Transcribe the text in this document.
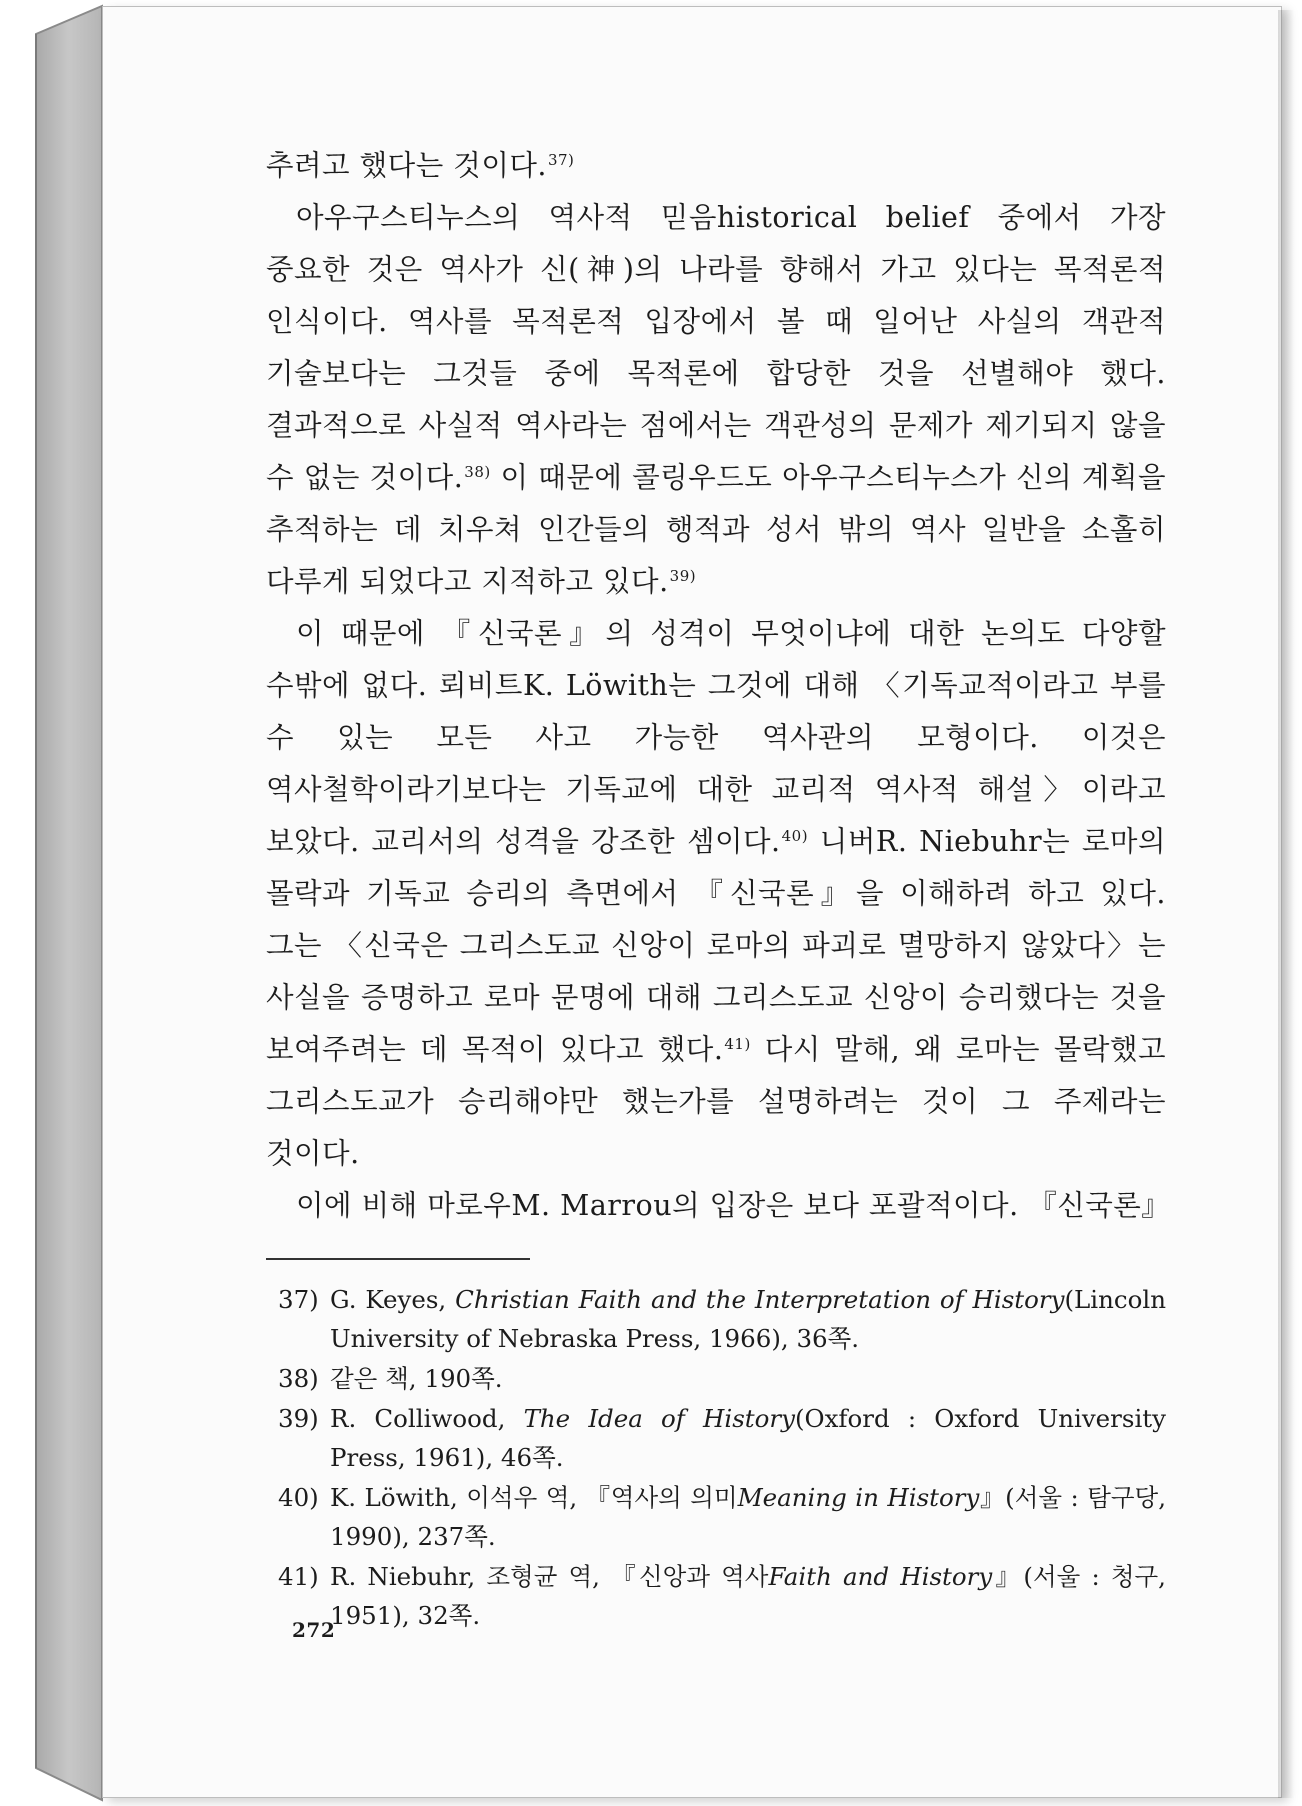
추려고 했다는 것이다.$^{37)}$

아우구스티누스의 역사적 믿음historical belief 중에서 가장 중요한 것은 역사가 신(神)의 나라를 향해서 가고 있다는 목적론적 인식이다. 역사를 목적론적 입장에서 볼 때 일어난 사실의 객관적 기술보다는 그것들 중에 목적론에 합당한 것을 선별해야 했다. 결과적으로 사실적 역사라는 점에서는 객관성의 문제가 제기되지 않을 수 없는 것이다.$^{38)}$ 이 때문에 콜링우드도 아우구스티누스가 신의 계획을 추적하는 데 치우쳐 인간들의 행적과 성서 밖의 역사 일반을 소홀히 다루게 되었다고 지적하고 있다.$^{39)}$

이 때문에 『신국론』의 성격이 무엇이냐에 대한 논의도 다양할 수밖에 없다. 뢰비트K. Löwith는 그것에 대해 〈기독교적이라고 부를 수 있는 모든 사고 가능한 역사관의 모형이다. 이것은 역사철학이라기보다는 기독교에 대한 교리적 역사적 해설〉이라고 보았다. 교리서의 성격을 강조한 셈이다.$^{40)}$ 니버R. Niebuhr는 로마의 몰락과 기독교 승리의 측면에서 『신국론』을 이해하려 하고 있다. 그는 〈신국은 그리스도교 신앙이 로마의 파괴로 멸망하지 않았다〉는 사실을 증명하고 로마 문명에 대해 그리스도교 신앙이 승리했다는 것을 보여주려는 데 목적이 있다고 했다.$^{41)}$ 다시 말해, 왜 로마는 몰락했고 그리스도교가 승리해야만 했는가를 설명하려는 것이 그 주제라는 것이다.

이에 비해 마로우M. Marrou의 입장은 보다 포괄적이다. 『신국론』

37) G. Keyes, Christian Faith and the Interpretation of History(Lincoln University of Nebraska Press, 1966), 36쪽.
38) 같은 책, 190쪽.
39) R. Colliwood, The Idea of History(Oxford : Oxford University Press, 1961), 46쪽.
40) K. Löwith, 이석우 역, 『역사의 의미Meaning in History』(서울 : 탐구당, 1990), 237쪽.
41) R. Niebuhr, 조형균 역, 『신앙과 역사Faith and History』(서울 : 청구, 1951), 32쪽.
272
